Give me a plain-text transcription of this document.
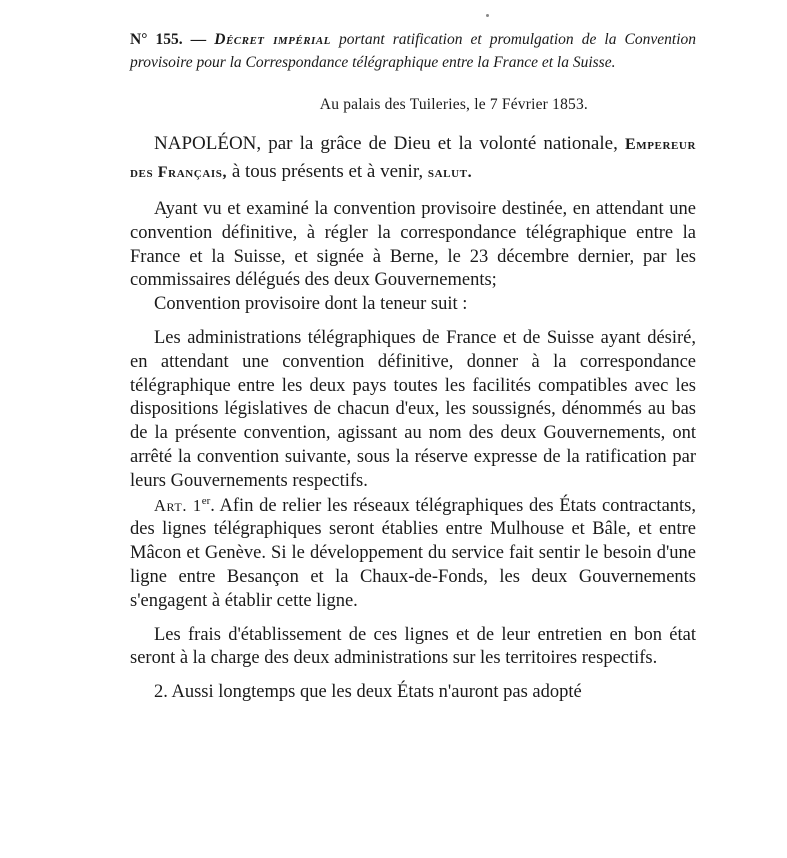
N° 155. — Décret impérial portant ratification et promulgation de la Convention provisoire pour la Correspondance télégraphique entre la France et la Suisse.

Au palais des Tuileries, le 7 Février 1853.

NAPOLÉON, par la grâce de Dieu et la volonté nationale, Empereur des Français, à tous présents et à venir, salut.

Ayant vu et examiné la convention provisoire destinée, en attendant une convention définitive, à régler la correspondance télégraphique entre la France et la Suisse, et signée à Berne, le 23 décembre dernier, par les commissaires délégués des deux Gouvernements;

Convention provisoire dont la teneur suit :

Les administrations télégraphiques de France et de Suisse ayant désiré, en attendant une convention définitive, donner à la correspondance télégraphique entre les deux pays toutes les facilités compatibles avec les dispositions législatives de chacun d'eux, les soussignés, dénommés au bas de la présente convention, agissant au nom des deux Gouvernements, ont arrêté la convention suivante, sous la réserve expresse de la ratification par leurs Gouvernements respectifs.

Art. 1er. Afin de relier les réseaux télégraphiques des États contractants, des lignes télégraphiques seront établies entre Mulhouse et Bâle, et entre Mâcon et Genève. Si le développement du service fait sentir le besoin d'une ligne entre Besançon et la Chaux-de-Fonds, les deux Gouvernements s'engagent à établir cette ligne.

Les frais d'établissement de ces lignes et de leur entretien en bon état seront à la charge des deux administrations sur les territoires respectifs.

2. Aussi longtemps que les deux États n'auront pas adopté
